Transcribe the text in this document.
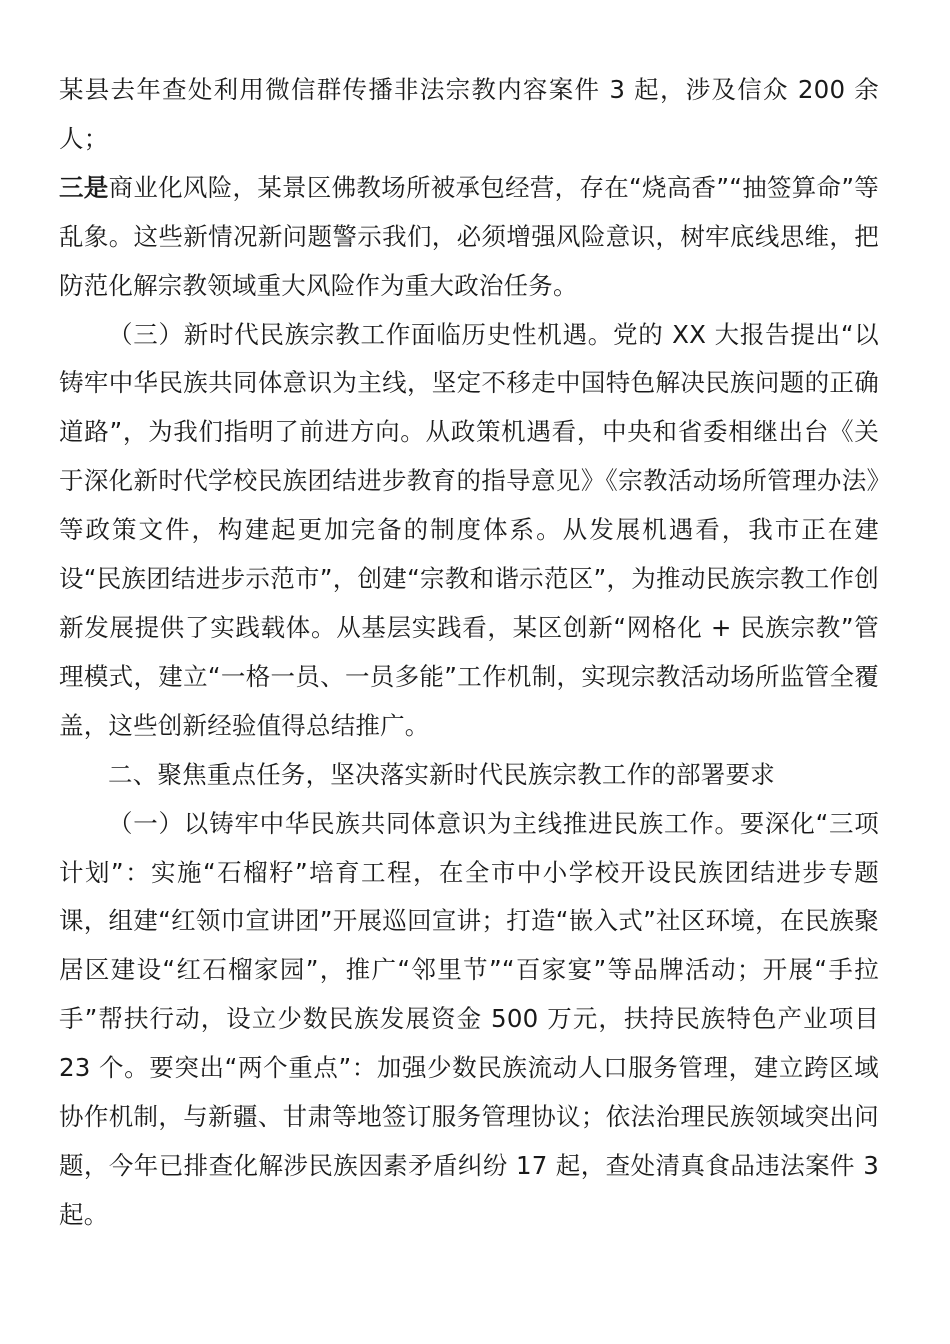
某县去年查处利用微信群传播非法宗教内容案件 3 起，涉及信众 200 余人；

三是商业化风险，某景区佛教场所被承包经营，存在“烧高香”“抽签算命”等乱象。这些新情况新问题警示我们，必须增强风险意识，树牢底线思维，把防范化解宗教领域重大风险作为重大政治任务。

（三）新时代民族宗教工作面临历史性机遇。党的 XX 大报告提出“以铸牢中华民族共同体意识为主线，坚定不移走中国特色解决民族问题的正确道路”，为我们指明了前进方向。从政策机遇看，中央和省委相继出台《关于深化新时代学校民族团结进步教育的指导意见》《宗教活动场所管理办法》等政策文件，构建起更加完备的制度体系。从发展机遇看，我市正在建设“民族团结进步示范市”，创建“宗教和谐示范区”，为推动民族宗教工作创新发展提供了实践载体。从基层实践看，某区创新“网格化 + 民族宗教”管理模式，建立“一格一员、一员多能”工作机制，实现宗教活动场所监管全覆盖，这些创新经验值得总结推广。

二、聚焦重点任务，坚决落实新时代民族宗教工作的部署要求

（一）以铸牢中华民族共同体意识为主线推进民族工作。要深化“三项计划”：实施“石榴籽”培育工程，在全市中小学校开设民族团结进步专题课，组建“红领巾宣讲团”开展巡回宣讲；打造“嵌入式”社区环境，在民族聚居区建设“红石榴家园”，推广“邻里节”“百家宴”等品牌活动；开展“手拉手”帮扶行动，设立少数民族发展资金 500 万元，扶持民族特色产业项目 23 个。要突出“两个重点”：加强少数民族流动人口服务管理，建立跨区域协作机制，与新疆、甘肃等地签订服务管理协议；依法治理民族领域突出问题，今年已排查化解涉民族因素矛盾纠纷 17 起，查处清真食品违法案件 3 起。
